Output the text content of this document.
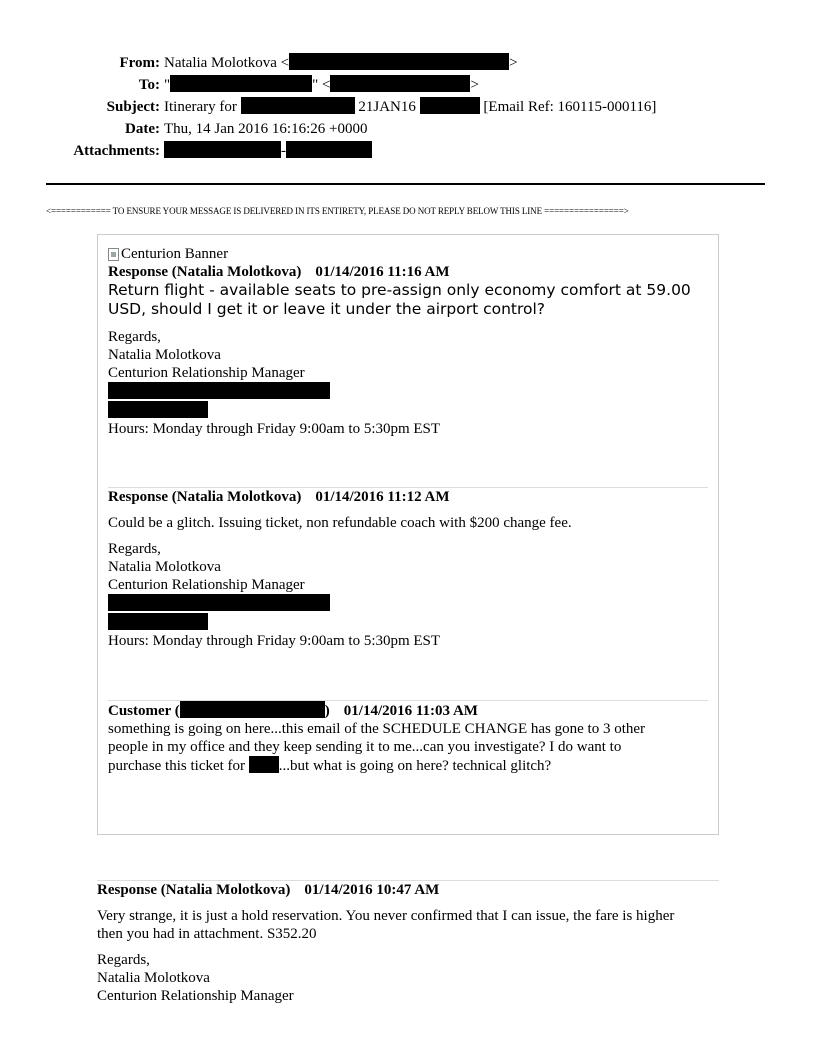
From: Natalia Molotkova <	>
To: "	" <	>
Subject: Itinerary for	21JAN16	[Email Ref: 160115-000116]
Date: Thu, 14 Jan 2016 16:16:26 +0000
Attachments:	-
<============ TO ENSURE YOUR MESSAGE IS DELIVERED IN ITS ENTIRETY, PLEASE DO NOT REPLY BELOW THIS LINE ================>
Centurion Banner
Response (Natalia Molotkova) 01/14/2016 11:16 AM
Return flight - available seats to pre-assign only economy comfort at 59.00 USD, should I get it or leave it under the airport control?
Regards,
Natalia Molotkova
Centurion Relationship Manager
Hours: Monday through Friday 9:00am to 5:30pm EST
Response (Natalia Molotkova) 01/14/2016 11:12 AM
Could be a glitch. Issuing ticket, non refundable coach with $200 change fee.
Regards,
Natalia Molotkova
Centurion Relationship Manager
Hours: Monday through Friday 9:00am to 5:30pm EST
Customer (	) 01/14/2016 11:03 AM
something is going on here...this email of the SCHEDULE CHANGE has gone to 3 other
people in my office and they keep sending it to me...can you investigate? I do want to
purchase this ticket for ...but what is going on here? technical glitch?
Response (Natalia Molotkova) 01/14/2016 10:47 AM
Very strange, it is just a hold reservation. You never confirmed that I can issue, the fare is higher
then you had in attachment. S352.20
Regards,
Natalia Molotkova
Centurion Relationship Manager
